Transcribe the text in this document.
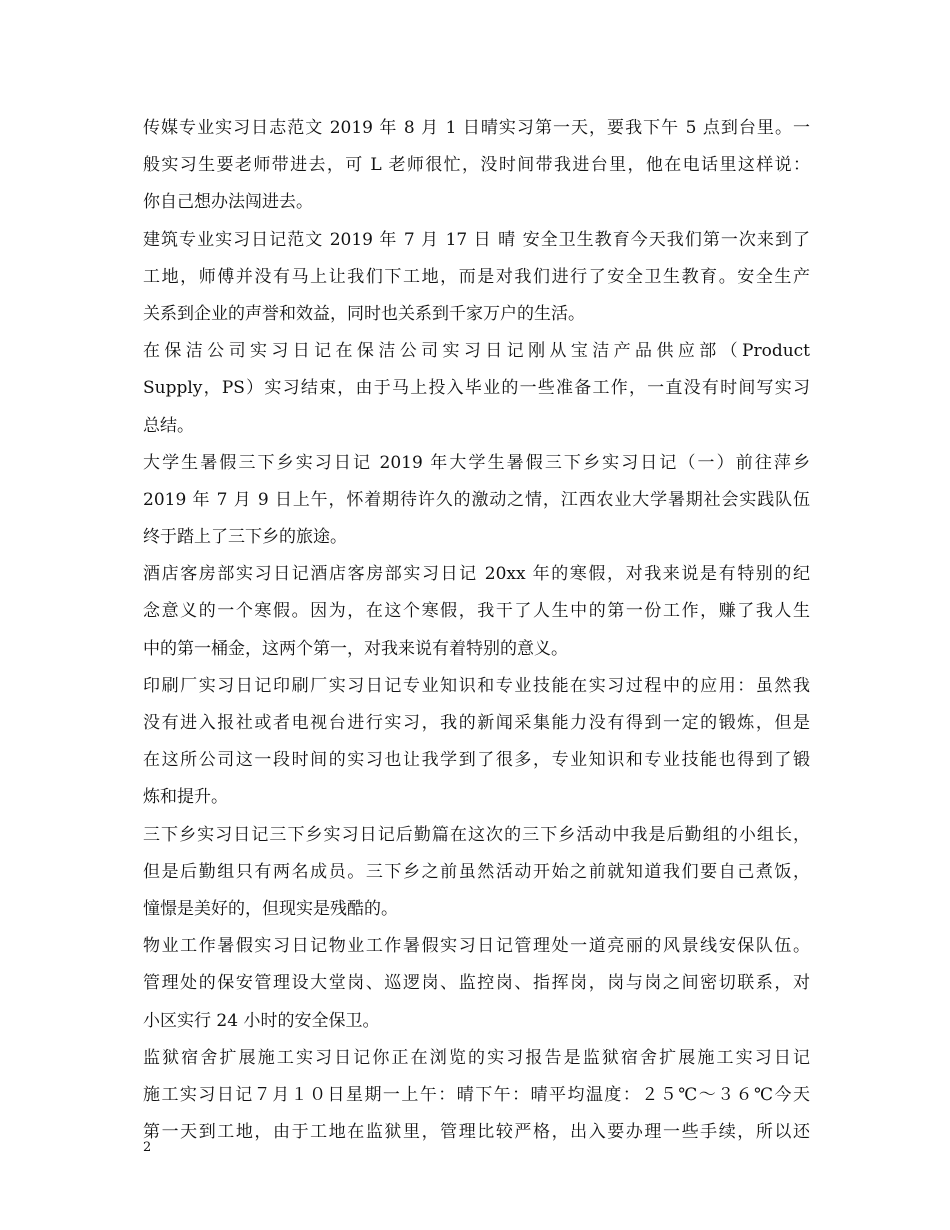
传媒专业实习日志范文 2019 年 8 月 1 日晴实习第一天，要我下午 5 点到台里。一
般实习生要老师带进去，可 L 老师很忙，没时间带我进台里，他在电话里这样说：
你自己想办法闯进去。
建筑专业实习日记范文 2019 年 7 月 17 日 晴 安全卫生教育今天我们第一次来到了
工地，师傅并没有马上让我们下工地，而是对我们进行了安全卫生教育。安全生产
关系到企业的声誉和效益，同时也关系到千家万户的生活。
在保洁公司实习日记在保洁公司实习日记刚从宝洁产品供应部（Product
Supply，PS）实习结束，由于马上投入毕业的一些准备工作，一直没有时间写实习
总结。
大学生暑假三下乡实习日记 2019 年大学生暑假三下乡实习日记（一）前往萍乡
2019 年 7 月 9 日上午，怀着期待许久的激动之情，江西农业大学暑期社会实践队伍
终于踏上了三下乡的旅途。
酒店客房部实习日记酒店客房部实习日记 20xx 年的寒假，对我来说是有特别的纪
念意义的一个寒假。因为，在这个寒假，我干了人生中的第一份工作，赚了我人生
中的第一桶金，这两个第一，对我来说有着特别的意义。
印刷厂实习日记印刷厂实习日记专业知识和专业技能在实习过程中的应用：虽然我
没有进入报社或者电视台进行实习，我的新闻采集能力没有得到一定的锻炼，但是
在这所公司这一段时间的实习也让我学到了很多，专业知识和专业技能也得到了锻
炼和提升。
三下乡实习日记三下乡实习日记后勤篇在这次的三下乡活动中我是后勤组的小组长，
但是后勤组只有两名成员。三下乡之前虽然活动开始之前就知道我们要自己煮饭，
憧憬是美好的，但现实是残酷的。
物业工作暑假实习日记物业工作暑假实习日记管理处一道亮丽的风景线安保队伍。
管理处的保安管理设大堂岗、巡逻岗、监控岗、指挥岗，岗与岗之间密切联系，对
小区实行 24 小时的安全保卫。
监狱宿舍扩展施工实习日记你正在浏览的实习报告是监狱宿舍扩展施工实习日记
施工实习日记７月１０日星期一上午：晴下午：晴平均温度：２５℃～３６℃今天
第一天到工地，由于工地在监狱里，管理比较严格，出入要办理一些手续，所以还
2
